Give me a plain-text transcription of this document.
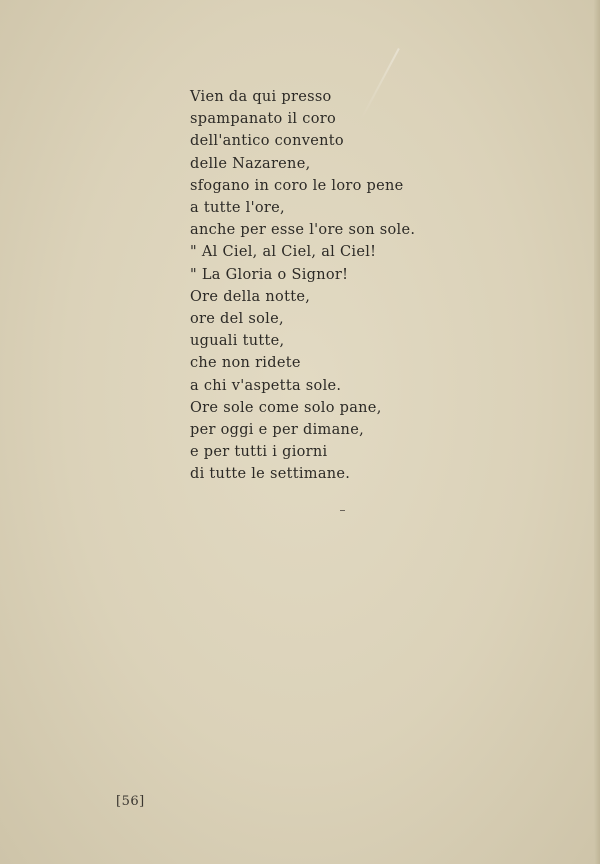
Vien da qui presso
spampanato il coro
dell'antico convento
delle Nazarene,
sfogano in coro le loro pene
a tutte l'ore,
anche per esse l'ore son sole.
" Al Ciel, al Ciel, al Ciel!
" La Gloria o Signor!
Ore della notte,
ore del sole,
uguali tutte,
che non ridete
a chi v'aspetta sole.
Ore sole come solo pane,
per oggi e per dimane,
e per tutti i giorni
di tutte le settimane.
[56]
